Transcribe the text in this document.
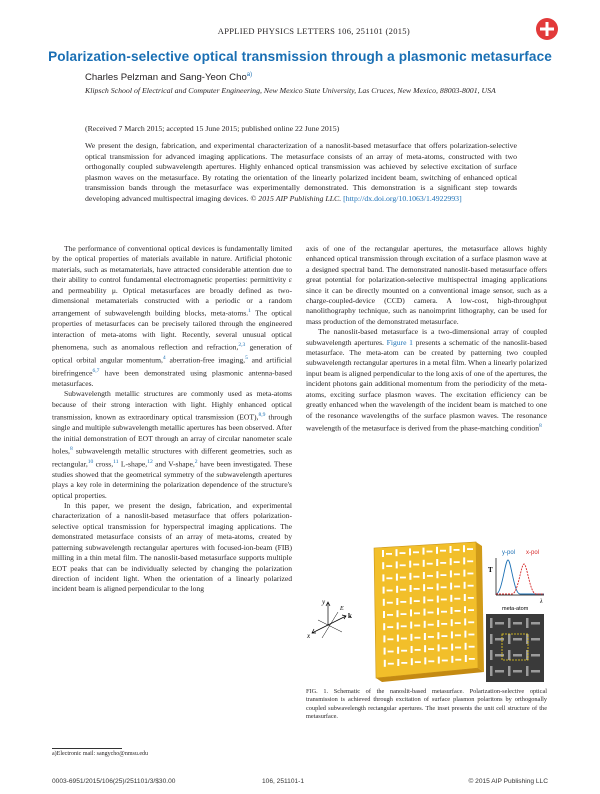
APPLIED PHYSICS LETTERS 106, 251101 (2015)
Polarization-selective optical transmission through a plasmonic metasurface
Charles Pelzman and Sang-Yeon Cho$^{a)}$
Klipsch School of Electrical and Computer Engineering, New Mexico State University, Las Cruces, New Mexico, 88003-8001, USA
(Received 7 March 2015; accepted 15 June 2015; published online 22 June 2015)
We present the design, fabrication, and experimental characterization of a nanoslit-based metasurface that offers polarization-selective optical transmission for advanced imaging applications. The metasurface consists of an array of meta-atoms, constructed with two orthogonally coupled subwavelength apertures. Highly enhanced optical transmission was achieved by selective excitation of surface plasmon waves on the metasurface. By rotating the orientation of the linearly polarized incident beam, switching of enhanced optical transmission bands through the metasurface was experimentally demonstrated. This demonstration is a significant step towards developing advanced multispectral imaging devices. © 2015 AIP Publishing LLC. [http://dx.doi.org/10.1063/1.4922993]

The performance of conventional optical devices is fundamentally limited by the optical properties of materials available in nature. Artificial photonic materials, such as metamaterials, have attracted considerable attention due to their ability to control fundamental electromagnetic properties: permittivity ε and permeability μ. Optical metasurfaces are broadly defined as two-dimensional metamaterials constructed with a periodic or a random arrangement of subwavelength building blocks, meta-atoms.$^1$ The optical properties of metasurfaces can be precisely tailored through the engineered interaction of meta-atoms with light. Recently, several unusual optical phenomena, such as anomalous reflection and refraction,$^{2,3}$ generation of optical orbital angular momentum,$^4$ aberration-free imaging,$^5$ and artificial birefringence$^{6,7}$ have been demonstrated using plasmonic antenna-based metasurfaces.

Subwavelength metallic structures are commonly used as meta-atoms because of their strong interaction with light. Highly enhanced optical transmission, known as extraordinary optical transmission (EOT),$^{8,9}$ through single and multiple subwavelength metallic apertures has been observed. After the initial demonstration of EOT through an array of circular nanometer scale holes,$^8$ subwavelength metallic structures with different geometries, such as rectangular,$^{10}$ cross,$^{11}$ L-shape,$^{12}$ and V-shape,$^2$ have been investigated. These studies showed that the geometrical symmetry of the subwavelength apertures plays a key role in determining the polarization dependence of the structure's optical properties.

In this paper, we present the design, fabrication, and experimental characterization of a nanoslit-based metasurface that offers polarization-selective optical transmission for hyperspectral imaging applications. The demonstrated metasurface consists of an array of meta-atoms, created by patterning subwavelength rectangular apertures with focused-ion-beam (FIB) milling in a thin metal film. The nanoslit-based metasurface supports multiple EOT peaks that can be individually selected by changing the polarization direction of incident light. When the orientation of a linearly polarized incident beam is aligned perpendicular to the long

axis of one of the rectangular apertures, the metasurface allows highly enhanced optical transmission through excitation of a surface plasmon wave at a designed spectral band. The demonstrated nanoslit-based metasurface offers great potential for polarization-selective multispectral imaging applications since it can be directly mounted on a conventional image sensor, such as a charge-coupled-device (CCD) camera. A low-cost, high-throughput nanolithography technique, such as nanoimprint lithography, can be used for mass production of the demonstrated metasurface.

The nanoslit-based metasurface is a two-dimensional array of coupled subwavelength apertures. Figure 1 presents a schematic of the nanoslit-based metasurface. The meta-atom can be created by patterning two coupled subwavelength rectangular apertures in a metal film. When a linearly polarized input beam is aligned perpendicular to the long axis of one of the apertures, the incident photons gain additional momentum from the periodicity of the meta-atoms, exciting surface plasmon waves. The excitation efficiency can be greatly enhanced when the wavelength of the incident beam is matched to one of the resonance wavelengths of the surface plasmon waves. The resonance wavelength of the metasurface is derived from the phase-matching condition$^8$

y
x
k
E
T
y-pol x-pol
λ
meta-atom
FIG. 1. Schematic of the nanoslit-based metasurface. Polarization-selective optical transmission is achieved through excitation of surface plasmon polaritons by orthogonally coupled subwavelength rectangular apertures. The inset presents the unit cell structure of the metasurface.
a)Electronic mail: sangycho@nmsu.edu
0003-6951/2015/106(25)/251101/3/$30.00	106, 251101-1	© 2015 AIP Publishing LLC
